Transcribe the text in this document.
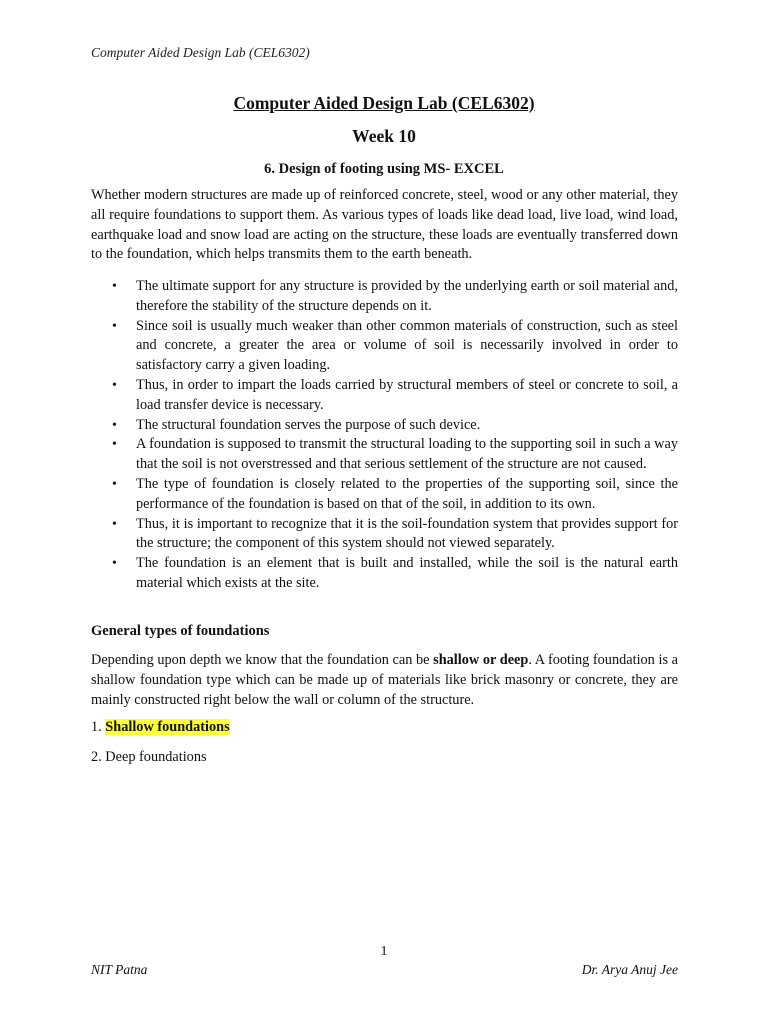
Computer Aided Design Lab (CEL6302)
Computer Aided Design Lab (CEL6302)
Week 10
6. Design of footing using MS- EXCEL
Whether modern structures are made up of reinforced concrete, steel, wood or any other material, they all require foundations to support them. As various types of loads like dead load, live load, wind load, earthquake load and snow load are acting on the structure, these loads are eventually transferred down to the foundation, which helps transmits them to the earth beneath.
• The ultimate support for any structure is provided by the underlying earth or soil material and, therefore the stability of the structure depends on it.
• Since soil is usually much weaker than other common materials of construction, such as steel and concrete, a greater the area or volume of soil is necessarily involved in order to satisfactory carry a given loading.
• Thus, in order to impart the loads carried by structural members of steel or concrete to soil, a load transfer device is necessary.
• The structural foundation serves the purpose of such device.
• A foundation is supposed to transmit the structural loading to the supporting soil in such a way that the soil is not overstressed and that serious settlement of the structure are not caused.
• The type of foundation is closely related to the properties of the supporting soil, since the performance of the foundation is based on that of the soil, in addition to its own.
• Thus, it is important to recognize that it is the soil-foundation system that provides support for the structure; the component of this system should not viewed separately.
• The foundation is an element that is built and installed, while the soil is the natural earth material which exists at the site.
General types of foundations
Depending upon depth we know that the foundation can be shallow or deep. A footing foundation is a shallow foundation type which can be made up of materials like brick masonry or concrete, they are mainly constructed right below the wall or column of the structure.
1. Shallow foundations
2. Deep foundations
1
NIT Patna	Dr. Arya Anuj Jee
